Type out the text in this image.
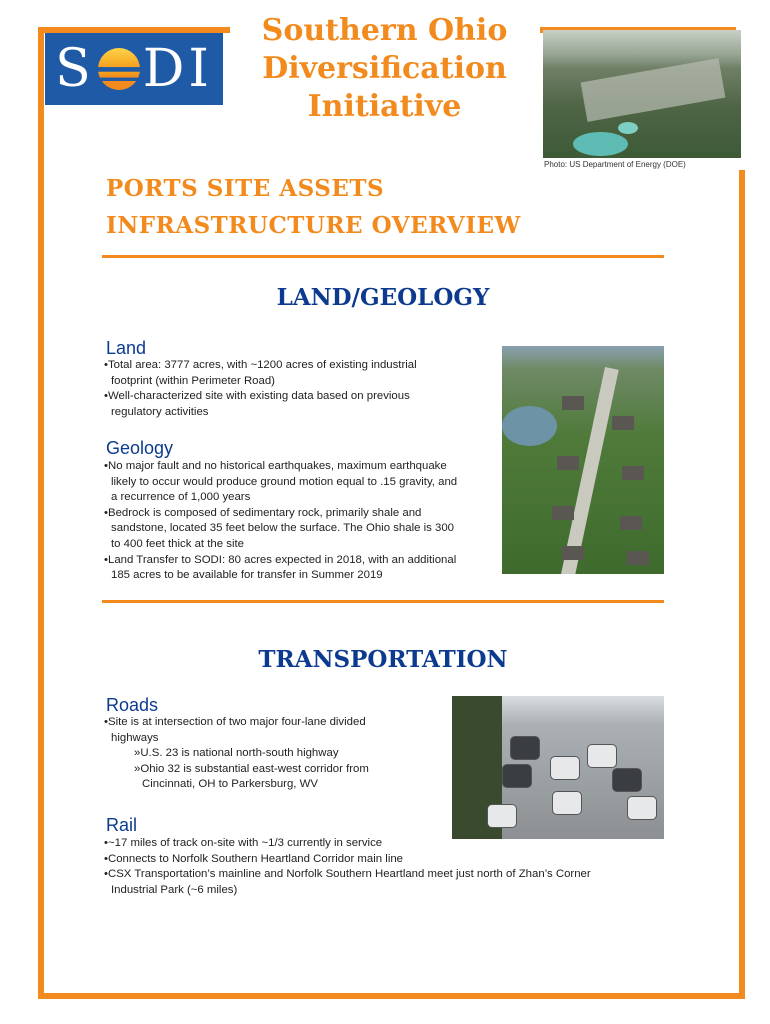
S DI
Southern Ohio
Diversification
Initiative
Photo: US Department of Energy (DOE)
PORTS SITE ASSETS
INFRASTRUCTURE OVERVIEW
LAND/GEOLOGY
Land

•Total area: 3777 acres, with ~1200 acres of existing industrial

footprint (within Perimeter Road)

•Well-characterized site with existing data based on previous

regulatory activities

Geology

•No major fault and no historical earthquakes, maximum earthquake

likely to occur would produce ground motion equal to .15 gravity, and

a recurrence of 1,000 years

•Bedrock is composed of sedimentary rock, primarily shale and

sandstone, located 35 feet below the surface. The Ohio shale is 300

to 400 feet thick at the site

•Land Transfer to SODI: 80 acres expected in 2018, with an additional

185 acres to be available for transfer in Summer 2019

TRANSPORTATION
Roads

•Site is at intersection of two major four-lane divided

highways

»U.S. 23 is national north-south highway

»Ohio 32 is substantial east-west corridor from

Cincinnati, OH to Parkersburg, WV

Rail

•~17 miles of track on-site with ~1/3 currently in service

•Connects to Norfolk Southern Heartland Corridor main line

•CSX Transportation’s mainline and Norfolk Southern Heartland meet just north of Zhan’s Corner

Industrial Park (~6 miles)
